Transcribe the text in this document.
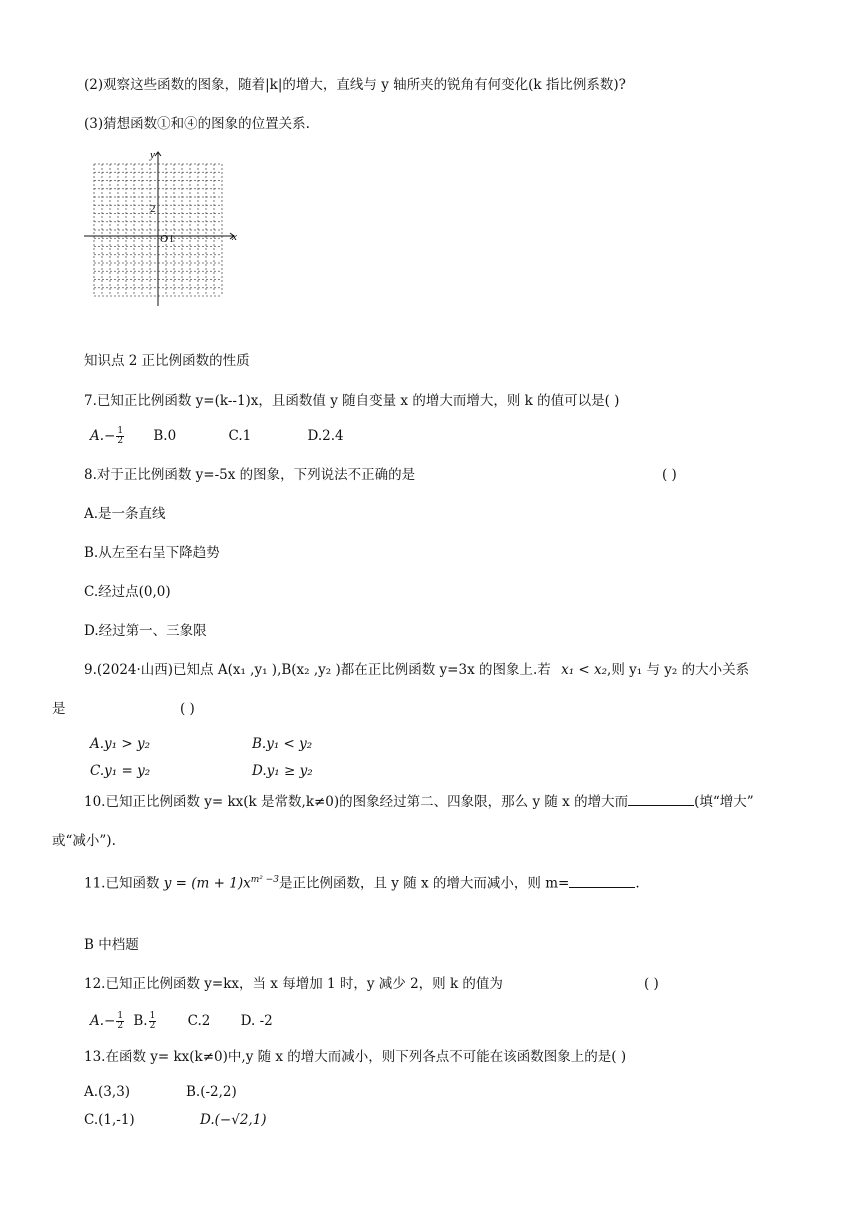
(2)观察这些函数的图象，随着|k|的增大，直线与 y 轴所夹的锐角有何变化(k 指比例系数)?
(3)猜想函数①和④的图象的位置关系.
y
x
2
O 1
知识点 2 正比例函数的性质
7.已知正比例函数 y=(k--1)x，且函数值 y 随自变量 x 的增大而增大，则 k 的值可以是( )
$A.- \frac{1}{2} B.0$	C.1	D.2.4
8.对于正比例函数 y=-5x 的图象，下列说法不正确的是	( )
A.是一条直线
B.从左至右呈下降趋势
C.经过点(0,0)
D.经过第一、三象限
9.(2024·山西)已知点 A(x₁ ,y₁ ),B(x₂ ,y₂ )都在正比例函数 y=3x 的图象上.若 x₁ < x₂,则 y₁ 与 y₂ 的大小关系
是	( )
A.y₁ > y₂	B.y₁ < y₂
C.y₁ = y₂	D.y₁ ≥ y₂
10.已知正比例函数 y= kx(k 是常数,k≠0)的图象经过第二、四象限，那么 y 随 x 的增大而	(填“增大”
或“减小”).
11.已知函数 $y = (m + 1)x^{m^2 -3}$是正比例函数，且 y 随 x 的增大而减小，则 m=	.
B 中档题
12.已知正比例函数 y=kx，当 x 每增加 1 时，y 减少 2，则 k 的值为	( )
$A.- \frac{1}{2} B$. $\frac{1}{2} C.2$ D. -2
13.在函数 y= kx(k≠0)中,y 随 x 的增大而减小，则下列各点不可能在该函数图象上的是( )
A.(3,3)	B.(-2,2)
C.(1,-1)	D.(−√2,1)
